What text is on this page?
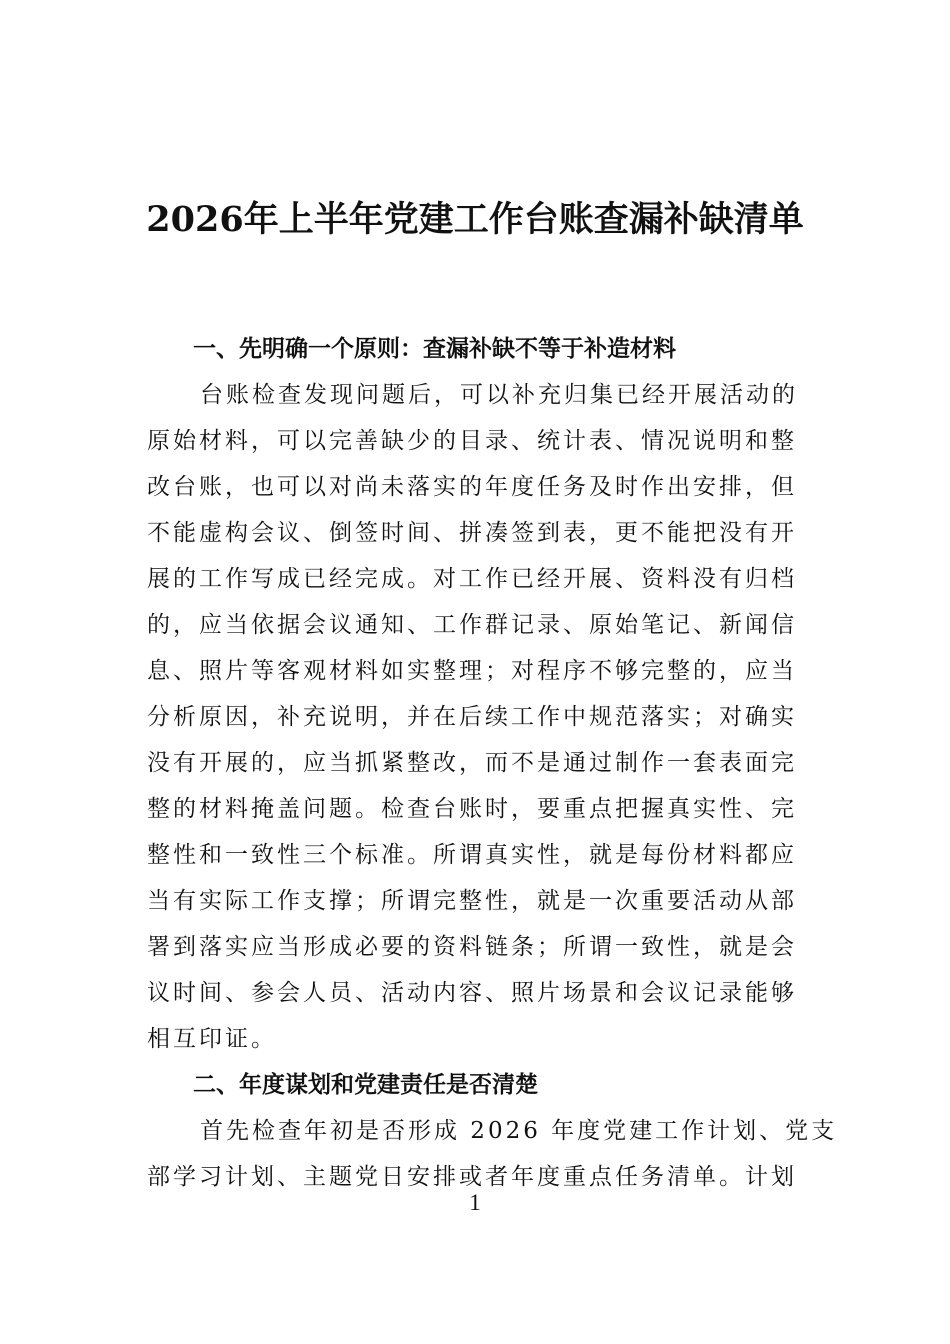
2026年上半年党建工作台账查漏补缺清单
一、先明确一个原则：查漏补缺不等于补造材料
台账检查发现问题后，可以补充归集已经开展活动的
原始材料，可以完善缺少的目录、统计表、情况说明和整
改台账，也可以对尚未落实的年度任务及时作出安排，但
不能虚构会议、倒签时间、拼凑签到表，更不能把没有开
展的工作写成已经完成。对工作已经开展、资料没有归档
的，应当依据会议通知、工作群记录、原始笔记、新闻信
息、照片等客观材料如实整理；对程序不够完整的，应当
分析原因，补充说明，并在后续工作中规范落实；对确实
没有开展的，应当抓紧整改，而不是通过制作一套表面完
整的材料掩盖问题。检查台账时，要重点把握真实性、完
整性和一致性三个标准。所谓真实性，就是每份材料都应
当有实际工作支撑；所谓完整性，就是一次重要活动从部
署到落实应当形成必要的资料链条；所谓一致性，就是会
议时间、参会人员、活动内容、照片场景和会议记录能够
相互印证。
二、年度谋划和党建责任是否清楚
首先检查年初是否形成 2026 年度党建工作计划、党支
部学习计划、主题党日安排或者年度重点任务清单。计划
1
